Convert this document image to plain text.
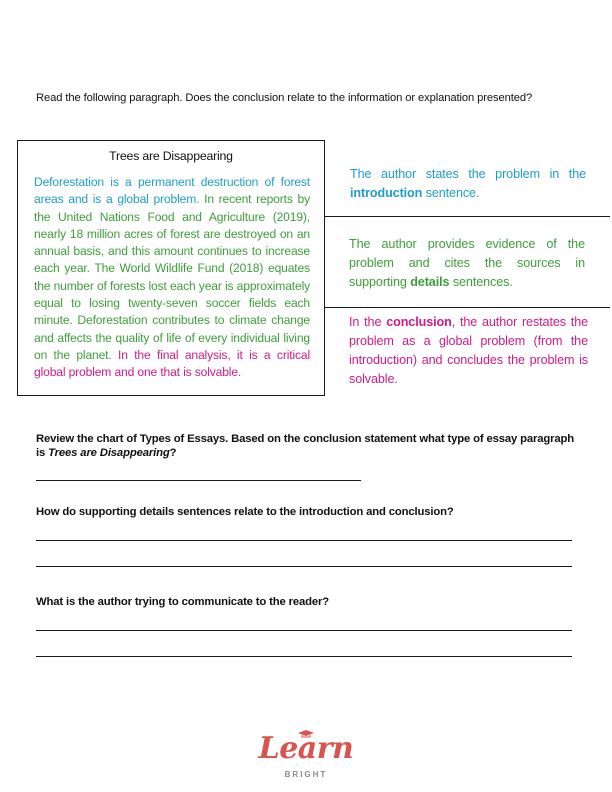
Read the following paragraph. Does the conclusion relate to the information or explanation presented?
Trees are Disappearing
Deforestation is a permanent destruction of forest areas and is a global problem. In recent reports by the United Nations Food and Agriculture (2019), nearly 18 million acres of forest are destroyed on an annual basis, and this amount continues to increase each year. The World Wildlife Fund (2018) equates the number of forests lost each year is approximately equal to losing twenty-seven soccer fields each minute. Deforestation contributes to climate change and affects the quality of life of every individual living on the planet. In the final analysis, it is a critical global problem and one that is solvable.
The author states the problem in the introduction sentence.
The author provides evidence of the problem and cites the sources in supporting details sentences.
In the conclusion, the author restates the problem as a global problem (from the introduction) and concludes the problem is solvable.
Review the chart of Types of Essays. Based on the conclusion statement what type of essay paragraph is Trees are Disappearing?
How do supporting details sentences relate to the introduction and conclusion?
What is the author trying to communicate to the reader?
Learn
BRIGHT
